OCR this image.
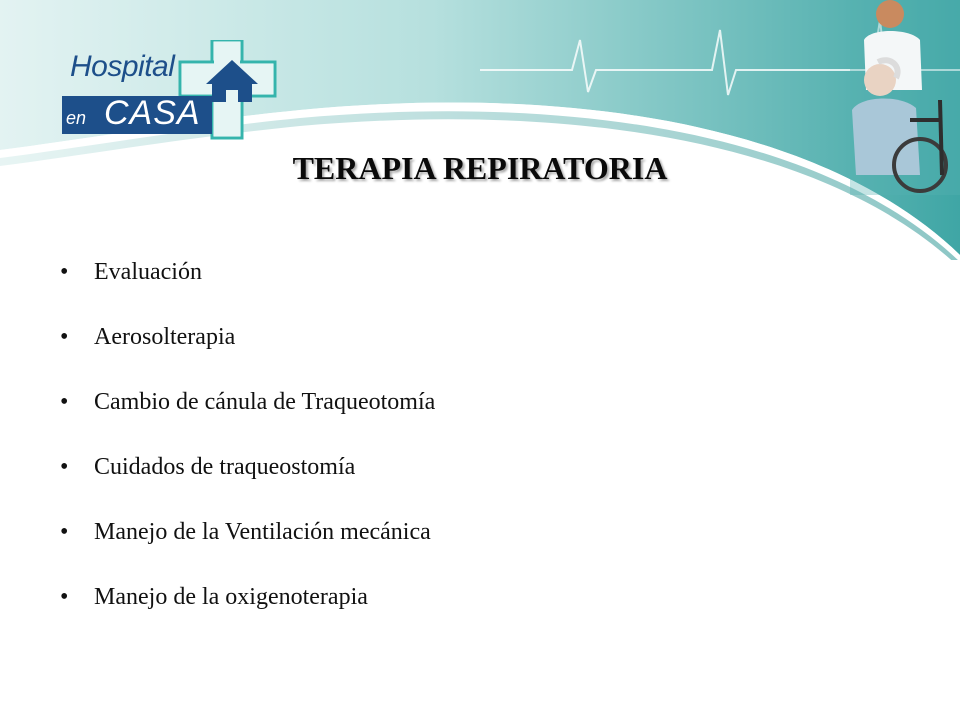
Hospital
en CASA
TERAPIA REPIRATORIA
• Evaluación
• Aerosolterapia
• Cambio de cánula de Traqueotomía
• Cuidados de traqueostomía
• Manejo de la Ventilación mecánica
• Manejo de la oxigenoterapia
